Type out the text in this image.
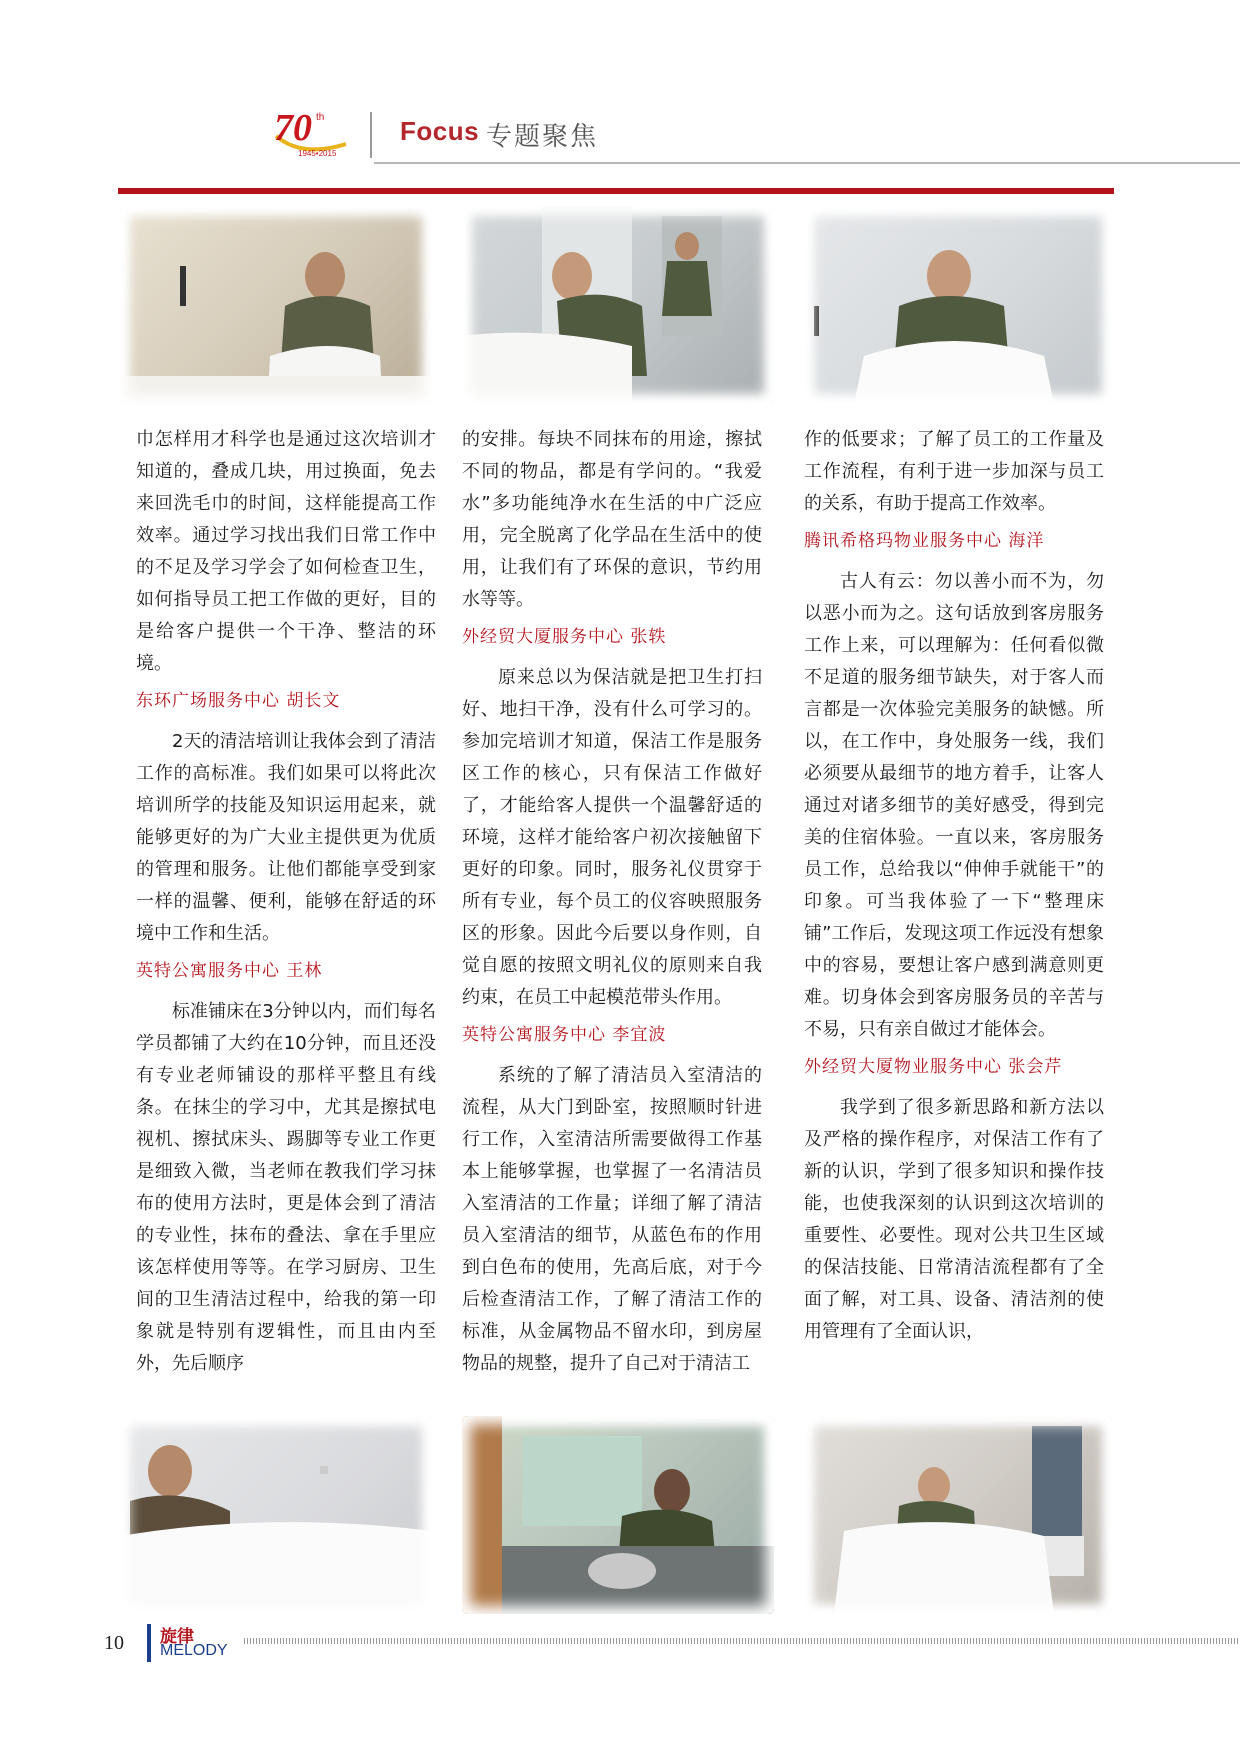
70 th
1945•2015
Focus 专题聚焦

巾怎样用才科学也是通过这次培训才知道的，叠成几块，用过换面，免去来回洗毛巾的时间，这样能提高工作效率。通过学习找出我们日常工作中的不足及学习学会了如何检查卫生，如何指导员工把工作做的更好，目的是给客户提供一个干净、整洁的环境。

东环广场服务中心 胡长文

2天的清洁培训让我体会到了清洁工作的高标准。我们如果可以将此次培训所学的技能及知识运用起来，就能够更好的为广大业主提供更为优质的管理和服务。让他们都能享受到家一样的温馨、便利，能够在舒适的环境中工作和生活。

英特公寓服务中心 王林

标准铺床在3分钟以内，而们每名学员都铺了大约在10分钟，而且还没有专业老师铺设的那样平整且有线条。在抹尘的学习中，尤其是擦拭电视机、擦拭床头、踢脚等专业工作更是细致入微，当老师在教我们学习抹布的使用方法时，更是体会到了清洁的专业性，抹布的叠法、拿在手里应该怎样使用等等。在学习厨房、卫生间的卫生清洁过程中，给我的第一印象就是特别有逻辑性，而且由内至外，先后顺序

的安排。每块不同抹布的用途，擦拭不同的物品，都是有学问的。“我爱水”多功能纯净水在生活的中广泛应用，完全脱离了化学品在生活中的使用，让我们有了环保的意识，节约用水等等。

外经贸大厦服务中心 张轶

原来总以为保洁就是把卫生打扫好、地扫干净，没有什么可学习的。参加完培训才知道，保洁工作是服务区工作的核心，只有保洁工作做好了，才能给客人提供一个温馨舒适的环境，这样才能给客户初次接触留下更好的印象。同时，服务礼仪贯穿于所有专业，每个员工的仪容映照服务区的形象。因此今后要以身作则，自觉自愿的按照文明礼仪的原则来自我约束，在员工中起模范带头作用。

英特公寓服务中心 李宜波

系统的了解了清洁员入室清洁的流程，从大门到卧室，按照顺时针进行工作，入室清洁所需要做得工作基本上能够掌握，也掌握了一名清洁员入室清洁的工作量；详细了解了清洁员入室清洁的细节，从蓝色布的作用到白色布的使用，先高后底，对于今后检查清洁工作，了解了清洁工作的标准，从金属物品不留水印，到房屋物品的规整，提升了自己对于清洁工

作的低要求；了解了员工的工作量及工作流程，有利于进一步加深与员工的关系，有助于提高工作效率。

腾讯希格玛物业服务中心 海洋

古人有云：勿以善小而不为，勿以恶小而为之。这句话放到客房服务工作上来，可以理解为：任何看似微不足道的服务细节缺失，对于客人而言都是一次体验完美服务的缺憾。所以，在工作中，身处服务一线，我们必须要从最细节的地方着手，让客人通过对诸多细节的美好感受，得到完美的住宿体验。一直以来，客房服务员工作，总给我以“伸伸手就能干”的印象。可当我体验了一下“整理床铺”工作后，发现这项工作远没有想象中的容易，要想让客户感到满意则更难。切身体会到客房服务员的辛苦与不易，只有亲自做过才能体会。

外经贸大厦物业服务中心 张会芹

我学到了很多新思路和新方法以及严格的操作程序，对保洁工作有了新的认识，学到了很多知识和操作技能，也使我深刻的认识到这次培训的重要性、必要性。现对公共卫生区域的保洁技能、日常清洁流程都有了全面了解，对工具、设备、清洁剂的使用管理有了全面认识，

10 旋律
MELODY
